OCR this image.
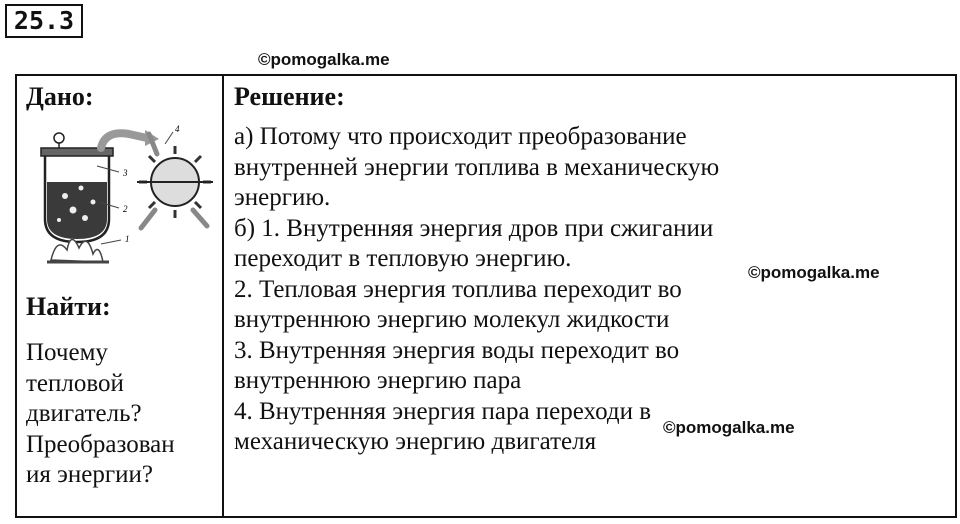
25.3
©pomogalka.me
Дано:
3
2
1
4
Найти:
Почему
тепловой
двигатель?
Преобразован
ия энергии?
Решение:
а) Потому что происходит преобразование
внутренней энергии топлива в механическую
энергию.
б) 1. Внутренняя энергия дров при сжигании
переходит в тепловую энергию.
2. Тепловая энергия топлива переходит во
внутреннюю энергию молекул жидкости
3. Внутренняя энергия воды переходит во
внутреннюю энергию пара
4. Внутренняя энергия пара переходи в
механическую энергию двигателя
©pomogalka.me
©pomogalka.me
